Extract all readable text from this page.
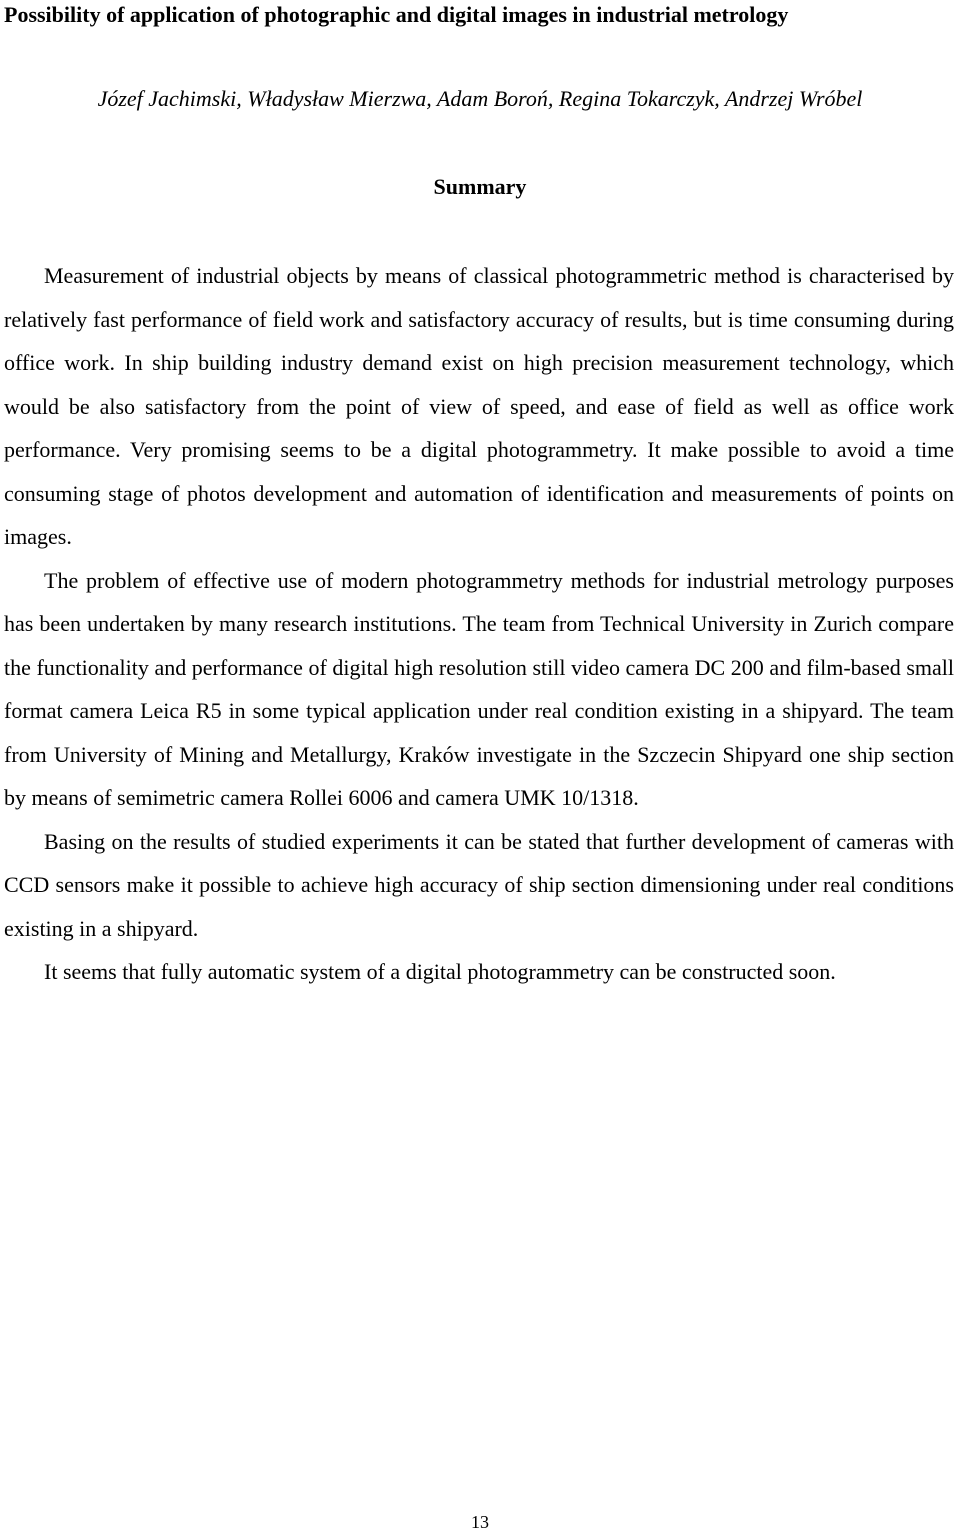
Possibility of application of photographic and digital images in industrial metrology

Józef Jachimski, Władysław Mierzwa, Adam Boroń, Regina Tokarczyk, Andrzej Wróbel

Summary

Measurement of industrial objects by means of classical photogrammetric method is characterised by relatively fast performance of field work and satisfactory accuracy of results, but is time consuming during office work. In ship building industry demand exist on high precision measurement technology, which would be also satisfactory from the point of view of speed, and ease of field as well as office work performance. Very promising seems to be a digital photogrammetry. It make possible to avoid a time consuming stage of photos development and automation of identification and measurements of points on images.

The problem of effective use of modern photogrammetry methods for industrial metrology purposes has been undertaken by many research institutions. The team from Technical University in Zurich compare the functionality and performance of digital high resolution still video camera DC 200 and film-based small format camera Leica R5 in some typical application under real condition existing in a shipyard. The team from University of Mining and Metallurgy, Kraków investigate in the Szczecin Shipyard one ship section by means of semimetric camera Rollei 6006 and camera UMK 10/1318.

Basing on the results of studied experiments it can be stated that further development of cameras with CCD sensors make it possible to achieve high accuracy of ship section dimensioning under real conditions existing in a shipyard.

It seems that fully automatic system of a digital photogrammetry can be constructed soon.

13
